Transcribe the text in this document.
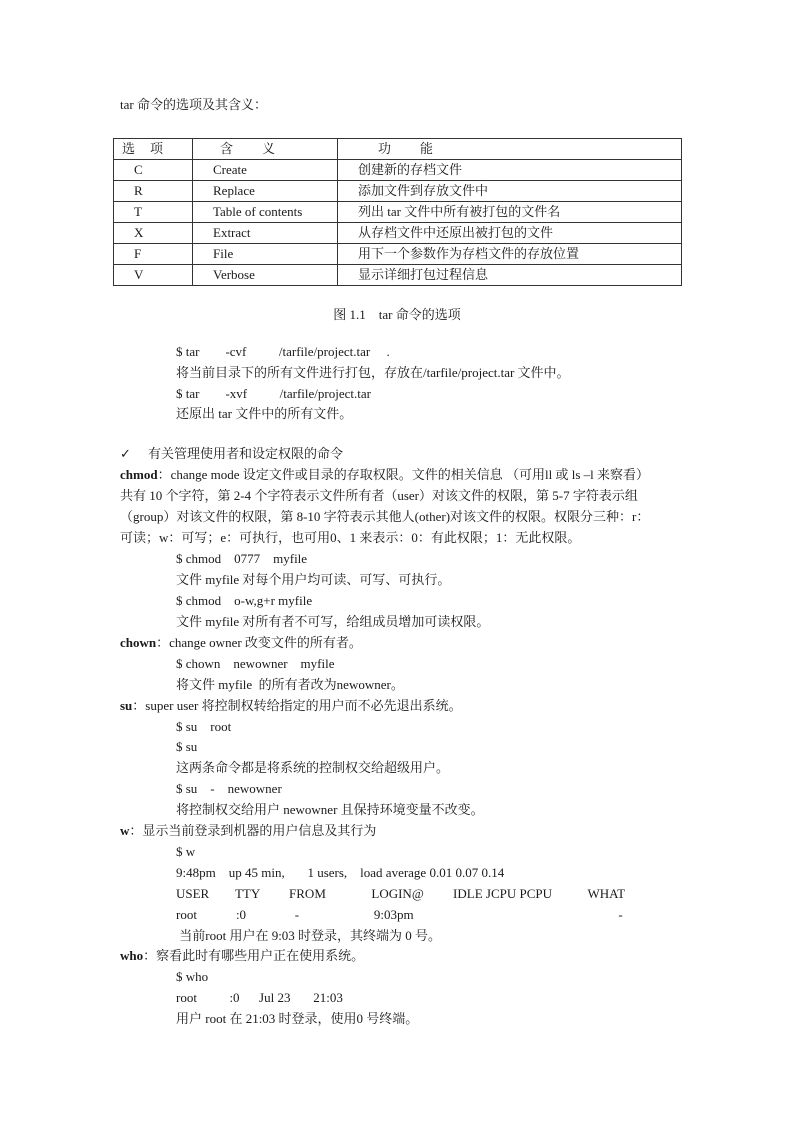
tar 命令的选项及其含义：
选　项	含　　义	功　　能
C	Create	创建新的存档文件
R	Replace	添加文件到存放文件中
T	Table of contents	列出 tar 文件中所有被打包的文件名
X	Extract	从存档文件中还原出被打包的文件
F	File	用下一个参数作为存档文件的存放位置
V	Verbose	显示详细打包过程信息
图 1.1    tar 命令的选项
$ tar        -cvf          /tarfile/project.tar     .
将当前目录下的所有文件进行打包，存放在/tarfile/project.tar 文件中。
$ tar        -xvf          /tarfile/project.tar
还原出 tar 文件中的所有文件。
✓ 有关管理使用者和设定权限的命令
chmod：change mode 设定文件或目录的存取权限。文件的相关信息 （可用ll 或 ls –l 来察看）
共有 10 个字符，第 2-4 个字符表示文件所有者（user）对该文件的权限，第 5-7 字符表示组
（group）对该文件的权限，第 8-10 字符表示其他人(other)对该文件的权限。权限分三种：r：
可读；w：可写；e：可执行，也可用0、1 来表示：0：有此权限；1：无此权限。
$ chmod    0777    myfile
文件 myfile 对每个用户均可读、可写、可执行。
$ chmod    o-w,g+r myfile
文件 myfile 对所有者不可写，给组成员增加可读权限。
chown：change owner 改变文件的所有者。
$ chown    newowner    myfile
将文件 myfile  的所有者改为newowner。
su：super user 将控制权转给指定的用户而不必先退出系统。
$ su    root
$ su
这两条命令都是将系统的控制权交给超级用户。
$ su    -    newowner
将控制权交给用户 newowner 且保持环境变量不改变。
w：显示当前登录到机器的用户信息及其行为
$ w
9:48pm    up 45 min,       1 users,    load average 0.01 0.07 0.14
USER        TTY         FROM              LOGIN@         IDLE JCPU PCPU           WHAT
root            :0               -                       9:03pm                                                               -
当前root 用户在 9:03 时登录，其终端为 0 号。
who：察看此时有哪些用户正在使用系统。
$ who
root          :0      Jul 23       21:03
用户 root 在 21:03 时登录，使用0 号终端。
